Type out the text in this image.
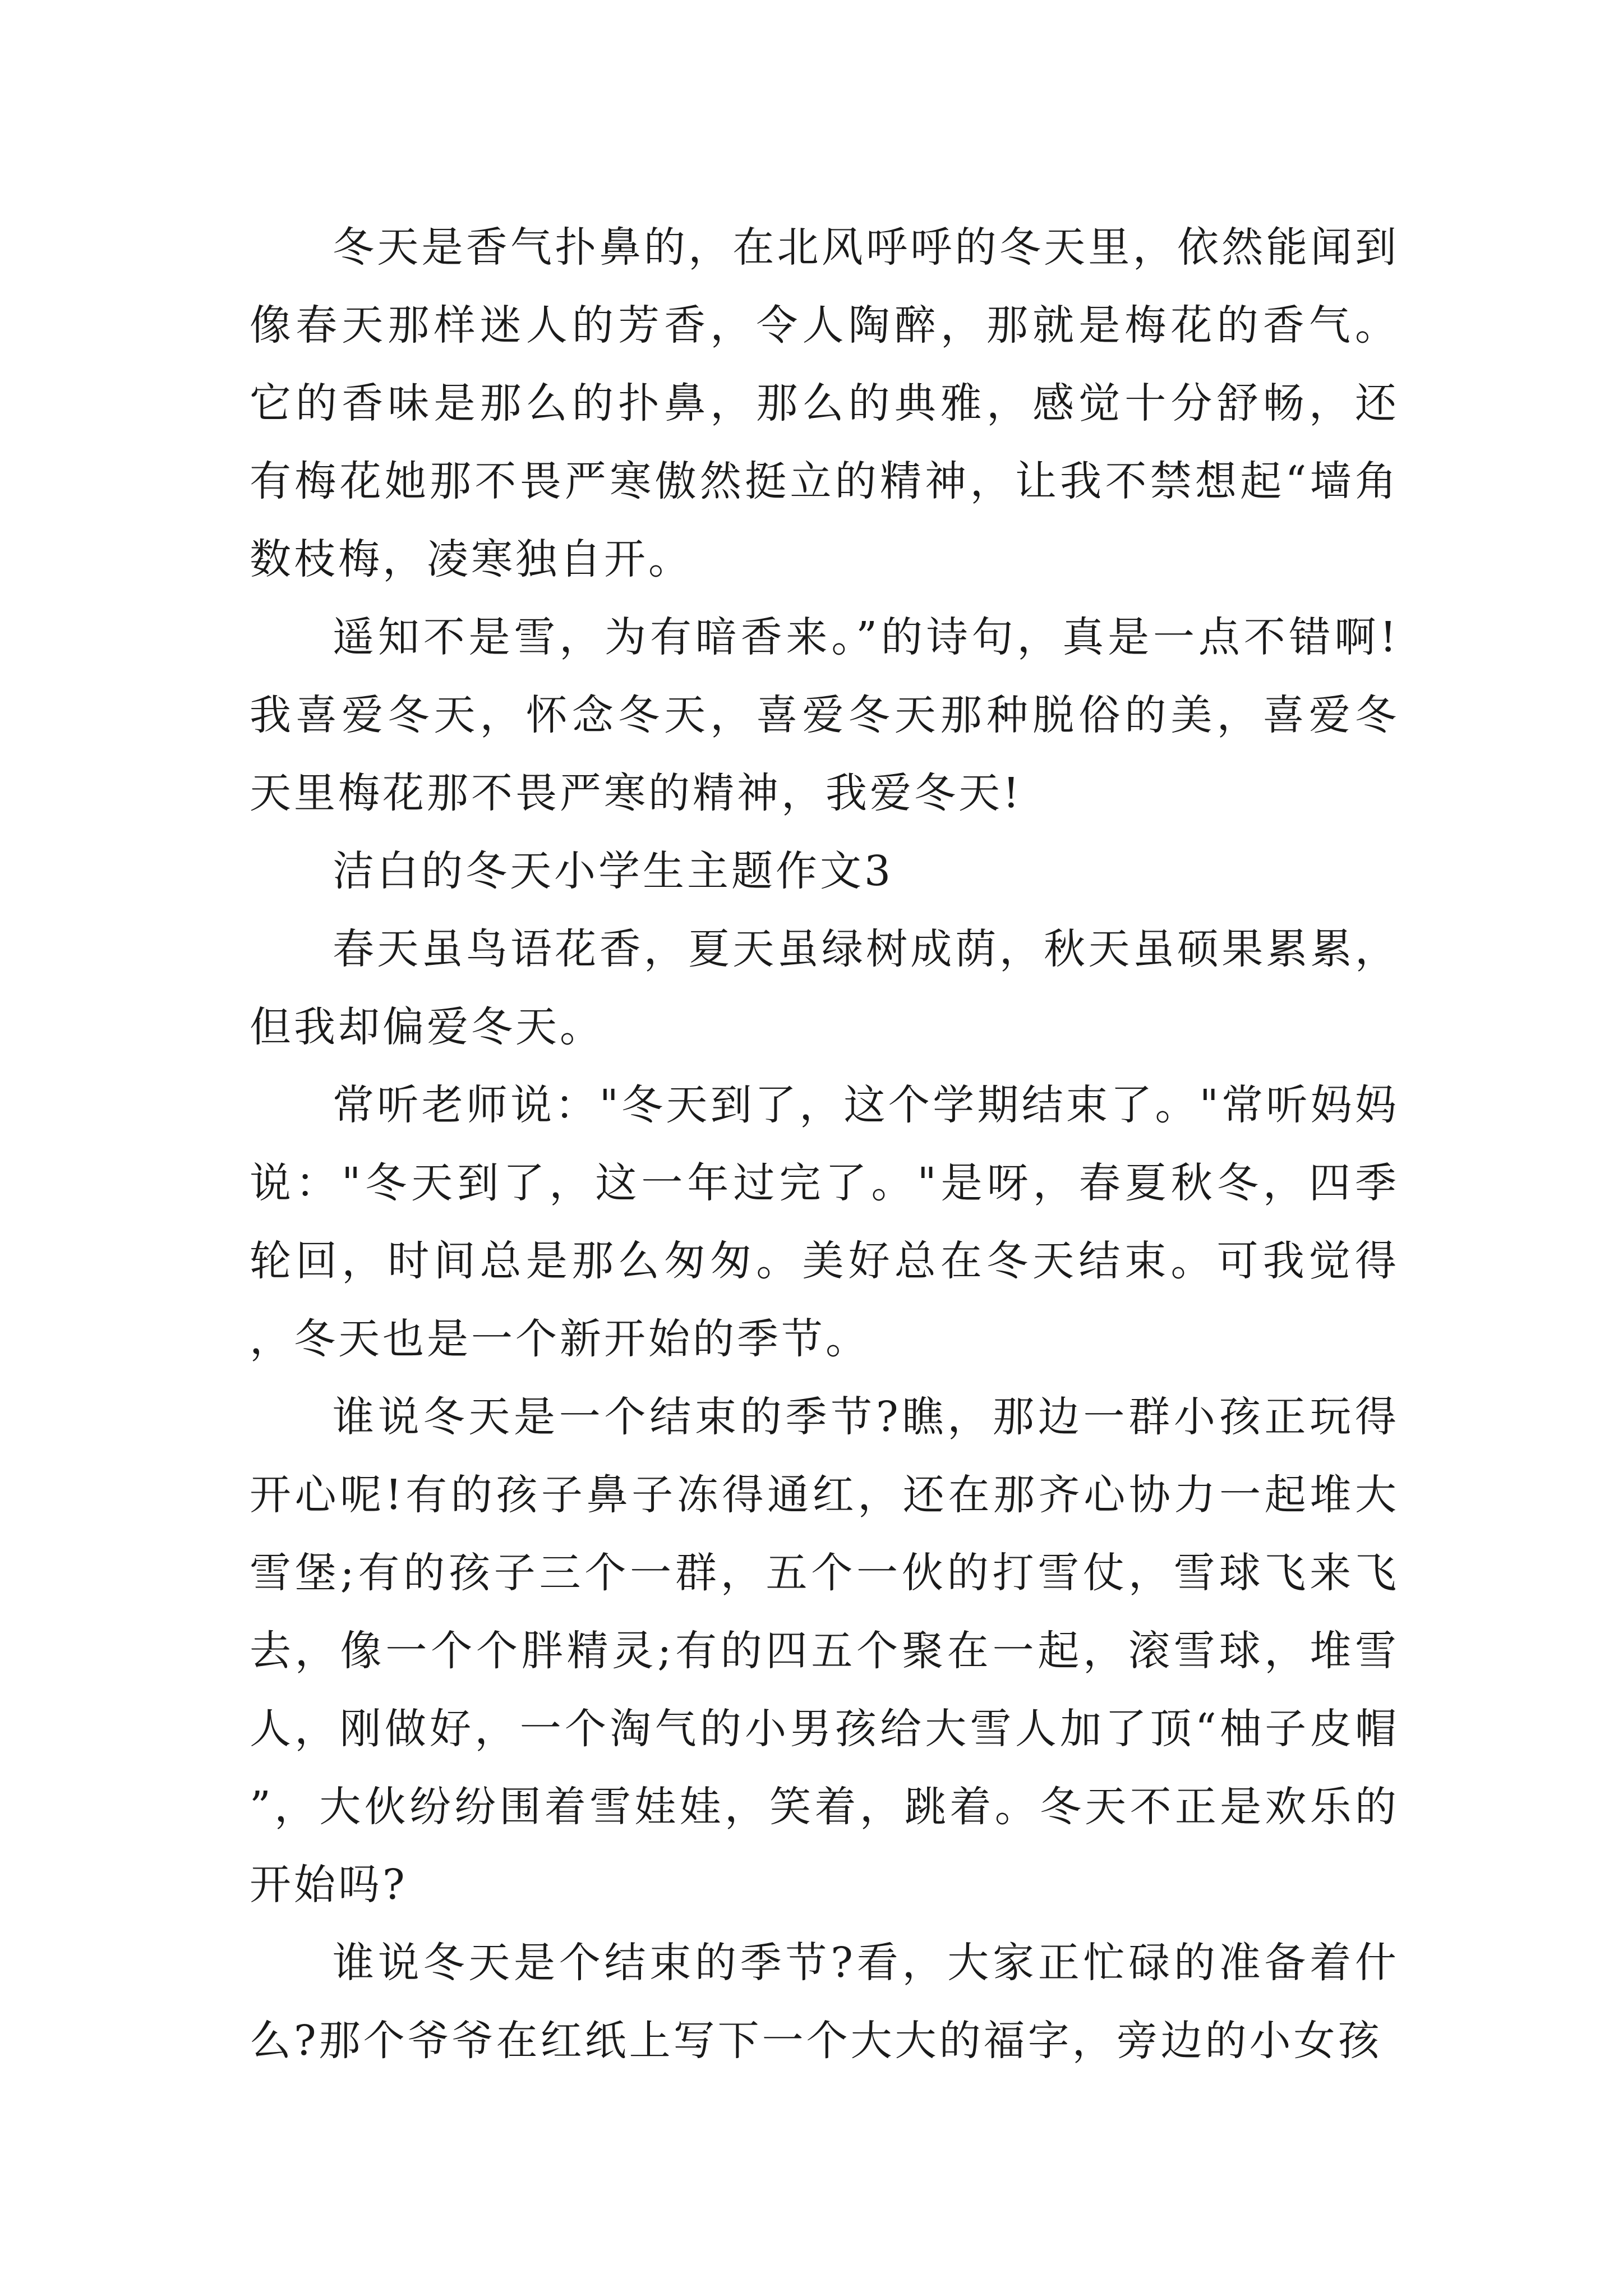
冬天是香气扑鼻的，在北风呼呼的冬天里，依然能闻到像春天那样迷人的芳香，令人陶醉，那就是梅花的香气。它的香味是那么的扑鼻，那么的典雅，感觉十分舒畅，还有梅花她那不畏严寒傲然挺立的精神，让我不禁想起“墙角数枝梅，凌寒独自开。

遥知不是雪，为有暗香来。”的诗句，真是一点不错啊!我喜爱冬天，怀念冬天，喜爱冬天那种脱俗的美，喜爱冬天里梅花那不畏严寒的精神，我爱冬天!

洁白的冬天小学生主题作文3

春天虽鸟语花香，夏天虽绿树成荫，秋天虽硕果累累，但我却偏爱冬天。

常听老师说："冬天到了，这个学期结束了。"常听妈妈说："冬天到了，这一年过完了。"是呀，春夏秋冬，四季轮回，时间总是那么匆匆。美好总在冬天结束。可我觉得，冬天也是一个新开始的季节。

谁说冬天是一个结束的季节?瞧，那边一群小孩正玩得开心呢!有的孩子鼻子冻得通红，还在那齐心协力一起堆大雪堡;有的孩子三个一群，五个一伙的打雪仗，雪球飞来飞去，像一个个胖精灵;有的四五个聚在一起，滚雪球，堆雪人，刚做好，一个淘气的小男孩给大雪人加了顶“柚子皮帽”，大伙纷纷围着雪娃娃，笑着，跳着。冬天不正是欢乐的开始吗?

谁说冬天是个结束的季节?看，大家正忙碌的准备着什么?那个爷爷在红纸上写下一个大大的福字，旁边的小女孩
